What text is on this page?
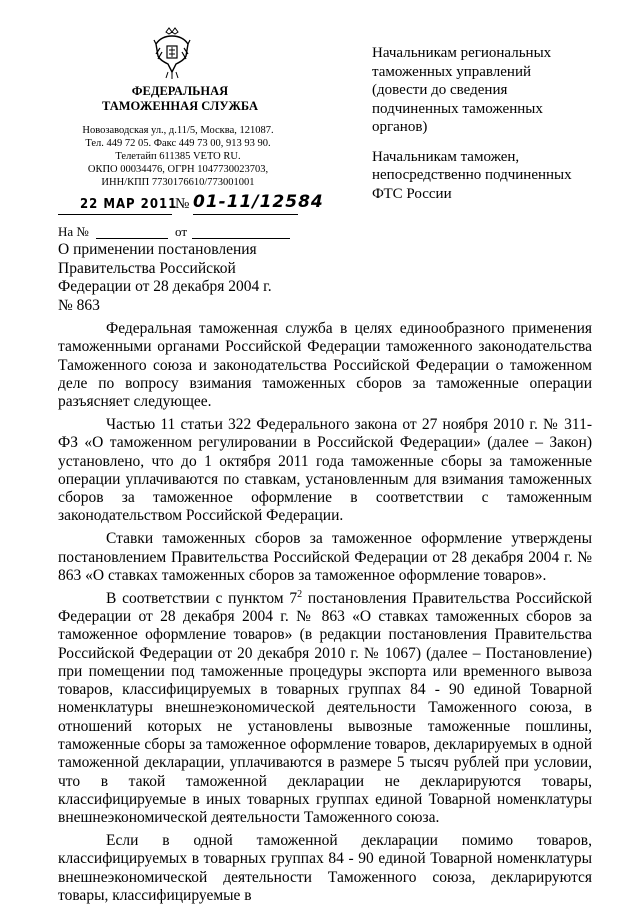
ФЕДЕРАЛЬНАЯ
ТАМОЖЕННАЯ СЛУЖБА
Новозаводская ул., д.11/5, Москва, 121087.
Тел. 449 72 05. Факс 449 73 00, 913 93 90.
Телетайп 611385 VETO RU.
ОКПО 00034476, ОГРН 1047730023703,
ИНН/КПП 7730176610/773001001
22 МАР 2011
№ 01-11/12584
На №	от
О применении постановления
Правительства Российской
Федерации от 28 декабря 2004 г.
№ 863

Начальникам региональных
таможенных управлений
(довести до сведения
подчиненных таможенных
органов)

Начальникам таможен,
непосредственно подчиненных
ФТС России

Федеральная таможенная служба в целях единообразного применения таможенными органами Российской Федерации таможенного законодательства Таможенного союза и законодательства Российской Федерации о таможенном деле по вопросу взимания таможенных сборов за таможенные операции разъясняет следующее.

Частью 11 статьи 322 Федерального закона от 27 ноября 2010 г. № 311-ФЗ «О таможенном регулировании в Российской Федерации» (далее – Закон) установлено, что до 1 октября 2011 года таможенные сборы за таможенные операции уплачиваются по ставкам, установленным для взимания таможенных сборов за таможенное оформление в соответствии с таможенным законодательством Российской Федерации.

Ставки таможенных сборов за таможенное оформление утверждены постановлением Правительства Российской Федерации от 28 декабря 2004 г. № 863 «О ставках таможенных сборов за таможенное оформление товаров».

В соответствии с пунктом $7^2$ постановления Правительства Российской Федерации от 28 декабря 2004 г. № 863 «О ставках таможенных сборов за таможенное оформление товаров» (в редакции постановления Правительства Российской Федерации от 20 декабря 2010 г. № 1067) (далее – Постановление) при помещении под таможенные процедуры экспорта или временного вывоза товаров, классифицируемых в товарных группах 84 - 90 единой Товарной номенклатуры внешнеэкономической деятельности Таможенного союза, в отношений которых не установлены вывозные таможенные пошлины, таможенные сборы за таможенное оформление товаров, декларируемых в одной таможенной декларации, уплачиваются в размере 5 тысяч рублей при условии, что в такой таможенной декларации не декларируются товары, классифицируемые в иных товарных группах единой Товарной номенклатуры внешнеэкономической деятельности Таможенного союза.

Если в одной таможенной декларации помимо товаров, классифицируемых в товарных группах 84 - 90 единой Товарной номенклатуры внешнеэкономической деятельности Таможенного союза, декларируются товары, классифицируемые в
